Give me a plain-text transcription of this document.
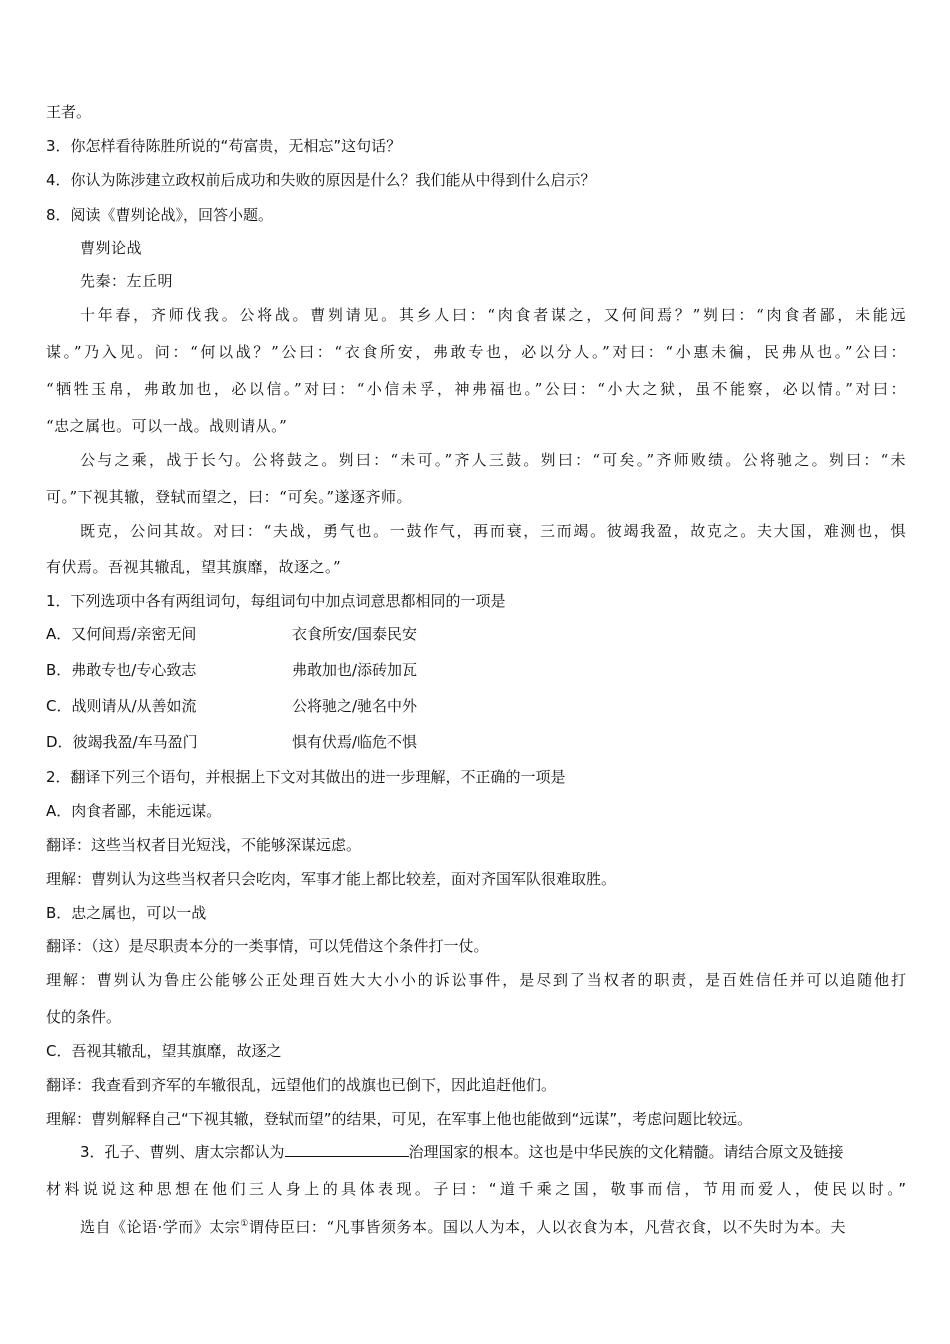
王者。
3．你怎样看待陈胜所说的“苟富贵，无相忘”这句话？
4．你认为陈涉建立政权前后成功和失败的原因是什么？我们能从中得到什么启示？
8．阅读《曹刿论战》，回答小题。
曹刿论战
先秦：左丘明
十年春，齐师伐我。公将战。曹刿请见。其乡人曰：“肉食者谋之，又何间焉？”刿曰：“肉食者鄙，未能远
谋。”乃入见。问：“何以战？”公曰：“衣食所安，弗敢专也，必以分人。”对曰：“小惠未徧，民弗从也。”公曰：
“牺牲玉帛，弗敢加也，必以信。”对曰：“小信未孚，神弗福也。”公曰：“小大之狱，虽不能察，必以情。”对曰：
“忠之属也。可以一战。战则请从。”
公与之乘，战于长勺。公将鼓之。刿曰：“未可。”齐人三鼓。刿曰：“可矣。”齐师败绩。公将驰之。刿曰：“未
可。”下视其辙，登轼而望之，曰：“可矣。”遂逐齐师。
既克，公问其故。对曰：“夫战，勇气也。一鼓作气，再而衰，三而竭。彼竭我盈，故克之。夫大国，难测也，惧
有伏焉。吾视其辙乱，望其旗靡，故逐之。”
1．下列选项中各有两组词句，每组词句中加点词意思都相同的一项是
A．又何间焉/亲密无间	衣食所安/国泰民安
B．弗敢专也/专心致志	弗敢加也/添砖加瓦
C．战则请从/从善如流	公将驰之/驰名中外
D．彼竭我盈/车马盈门	惧有伏焉/临危不惧
2．翻译下列三个语句，并根据上下文对其做出的进一步理解，不正确的一项是
A．肉食者鄙，未能远谋。
翻译：这些当权者目光短浅，不能够深谋远虑。
理解：曹刿认为这些当权者只会吃肉，军事才能上都比较差，面对齐国军队很难取胜。
B．忠之属也，可以一战
翻译：（这）是尽职责本分的一类事情，可以凭借这个条件打一仗。
理解：曹刿认为鲁庄公能够公正处理百姓大大小小的诉讼事件，是尽到了当权者的职责，是百姓信任并可以追随他打
仗的条件。
C．吾视其辙乱，望其旗靡，故逐之
翻译：我查看到齐军的车辙很乱，远望他们的战旗也已倒下，因此追赶他们。
理解：曹刿解释自己“下视其辙，登轼而望”的结果，可见，在军事上他也能做到“远谋”，考虑问题比较远。
3．孔子、曹刿、唐太宗都认为	治理国家的根本。这也是中华民族的文化精髓。请结合原文及链接
材料说说这种思想在他们三人身上的具体表现。子曰：“道千乘之国，敬事而信，节用而爱人，使民以时。”
选自《论语·学而》太宗①谓侍臣曰：“凡事皆须务本。国以人为本，人以衣食为本，凡营衣食，以不失时为本。夫
